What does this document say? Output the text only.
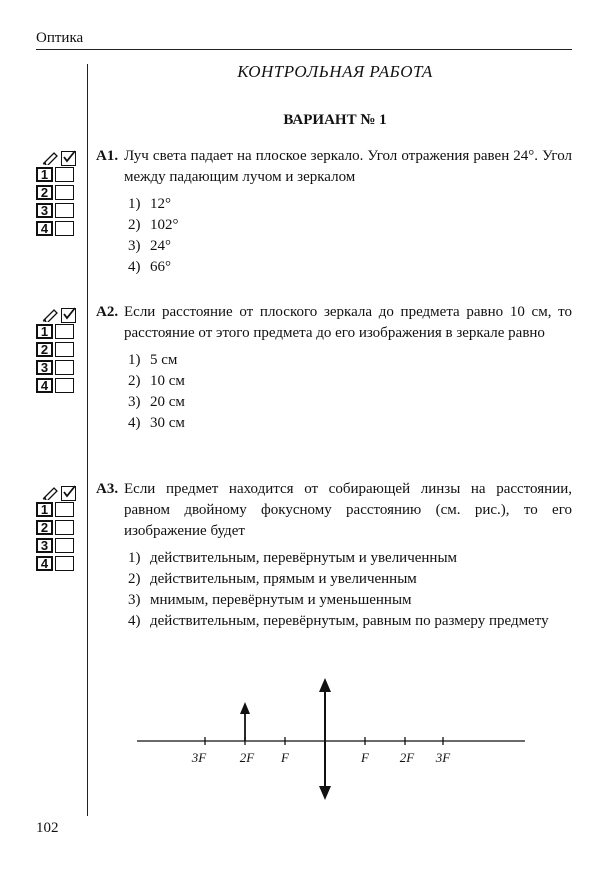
Оптика
КОНТРОЛЬНАЯ РАБОТА
ВАРИАНТ № 1
1
2
3
4
1
2
3
4
1
2
3
4
А1. Луч света падает на плоское зеркало. Угол отражения равен 24°. Угол между падающим лучом и зеркалом
1) 12°
2) 102°
3) 24°
4) 66°
А2. Если расстояние от плоского зеркала до предмета равно 10 см, то расстояние от этого предмета до его изображения в зеркале равно
1) 5 см
2) 10 см
3) 20 см
4) 30 см
А3. Если предмет находится от собирающей линзы на расстоянии, равном двойному фокусному расстоянию (см. рис.), то его изображение будет
1) действительным, перевёрнутым и увеличенным
2) действительным, прямым и увеличенным
3) мнимым, перевёрнутым и уменьшенным
4) действительным, перевёрнутым, равным по размеру предмету
3F	2F F	F 2F 3F
102
